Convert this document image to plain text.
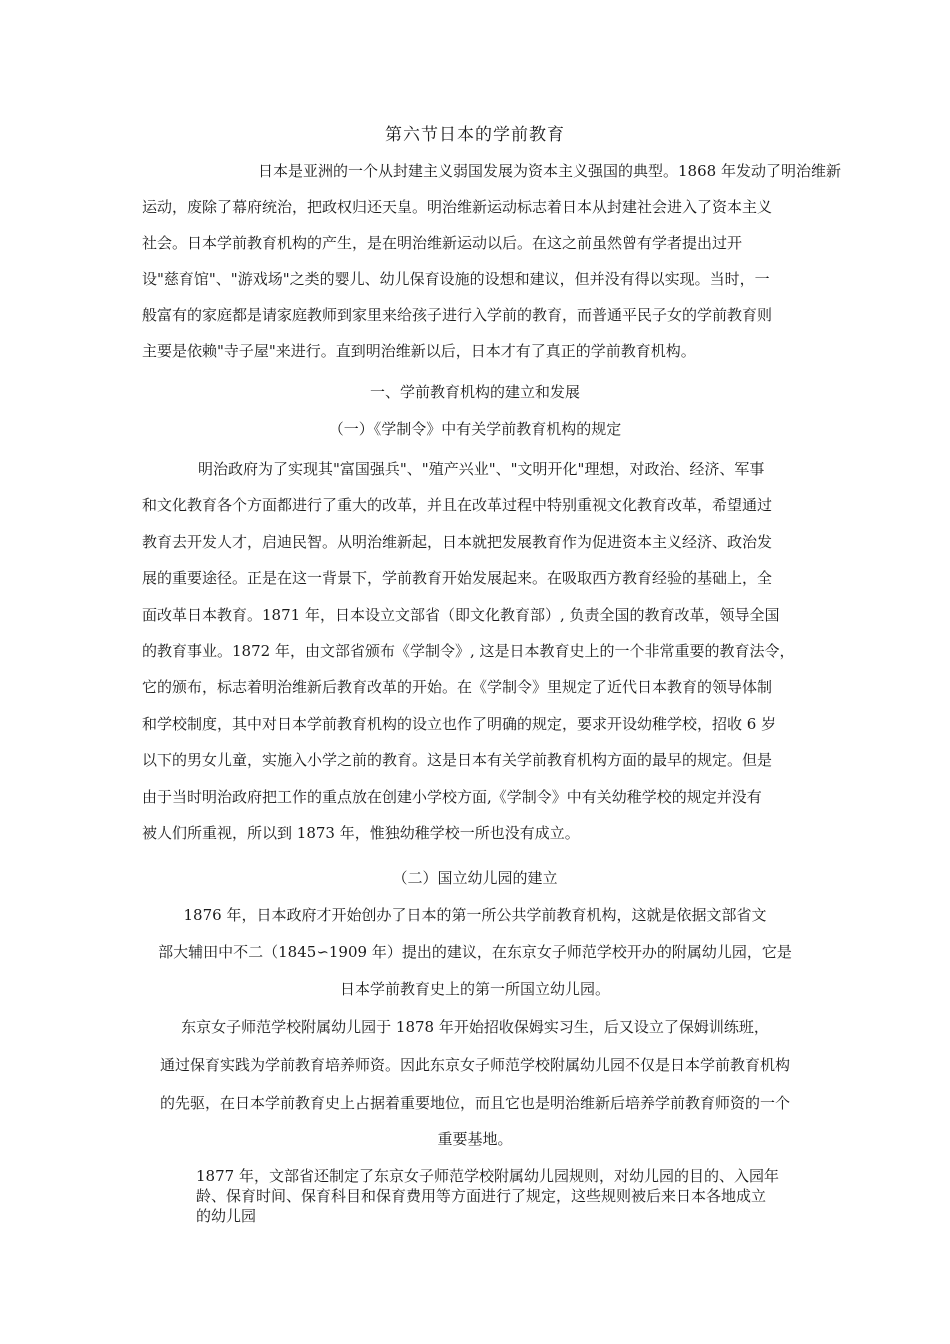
第六节日本的学前教育
日本是亚洲的一个从封建主义弱国发展为资本主义强国的典型。1868 年发动了明治维新
运动，废除了幕府统治，把政权归还天皇。明治维新运动标志着日本从封建社会进入了资本主义
社会。日本学前教育机构的产生，是在明治维新运动以后。在这之前虽然曾有学者提出过开
设"慈育馆"、"游戏场"之类的婴儿、幼儿保育设施的设想和建议，但并没有得以实现。当时，一
般富有的家庭都是请家庭教师到家里来给孩子进行入学前的教育，而普通平民子女的学前教育则
主要是依赖"寺子屋"来进行。直到明治维新以后，日本才有了真正的学前教育机构。
一、学前教育机构的建立和发展
（一）《学制令》中有关学前教育机构的规定
明治政府为了实现其"富国强兵"、"殖产兴业"、"文明开化"理想，对政治、经济、军事
和文化教育各个方面都进行了重大的改革，并且在改革过程中特别重视文化教育改革，希望通过
教育去开发人才，启迪民智。从明治维新起，日本就把发展教育作为促进资本主义经济、政治发
展的重要途径。正是在这一背景下，学前教育开始发展起来。在吸取西方教育经验的基础上，全
面改革日本教育。1871 年，日本设立文部省（即文化教育部）, 负责全国的教育改革，领导全国
的教育事业。1872 年，由文部省颁布《学制令》, 这是日本教育史上的一个非常重要的教育法令，
它的颁布，标志着明治维新后教育改革的开始。在《学制令》里规定了近代日本教育的领导体制
和学校制度，其中对日本学前教育机构的设立也作了明确的规定，要求开设幼稚学校，招收 6 岁
以下的男女儿童，实施入小学之前的教育。这是日本有关学前教育机构方面的最早的规定。但是
由于当时明治政府把工作的重点放在创建小学校方面,《学制令》中有关幼稚学校的规定并没有
被人们所重视，所以到 1873 年，惟独幼稚学校一所也没有成立。
（二）国立幼儿园的建立
1876 年，日本政府才开始创办了日本的第一所公共学前教育机构，这就是依据文部省文
部大辅田中不二（1845∽1909 年）提出的建议，在东京女子师范学校开办的附属幼儿园，它是
日本学前教育史上的第一所国立幼儿园。
东京女子师范学校附属幼儿园于 1878 年开始招收保姆实习生，后又设立了保姆训练班，
通过保育实践为学前教育培养师资。因此东京女子师范学校附属幼儿园不仅是日本学前教育机构
的先驱，在日本学前教育史上占据着重要地位，而且它也是明治维新后培养学前教育师资的一个
重要基地。
1877 年，文部省还制定了东京女子师范学校附属幼儿园规则，对幼儿园的目的、入园年
龄、保育时间、保育科目和保育费用等方面进行了规定，这些规则被后来日本各地成立
的幼儿园
